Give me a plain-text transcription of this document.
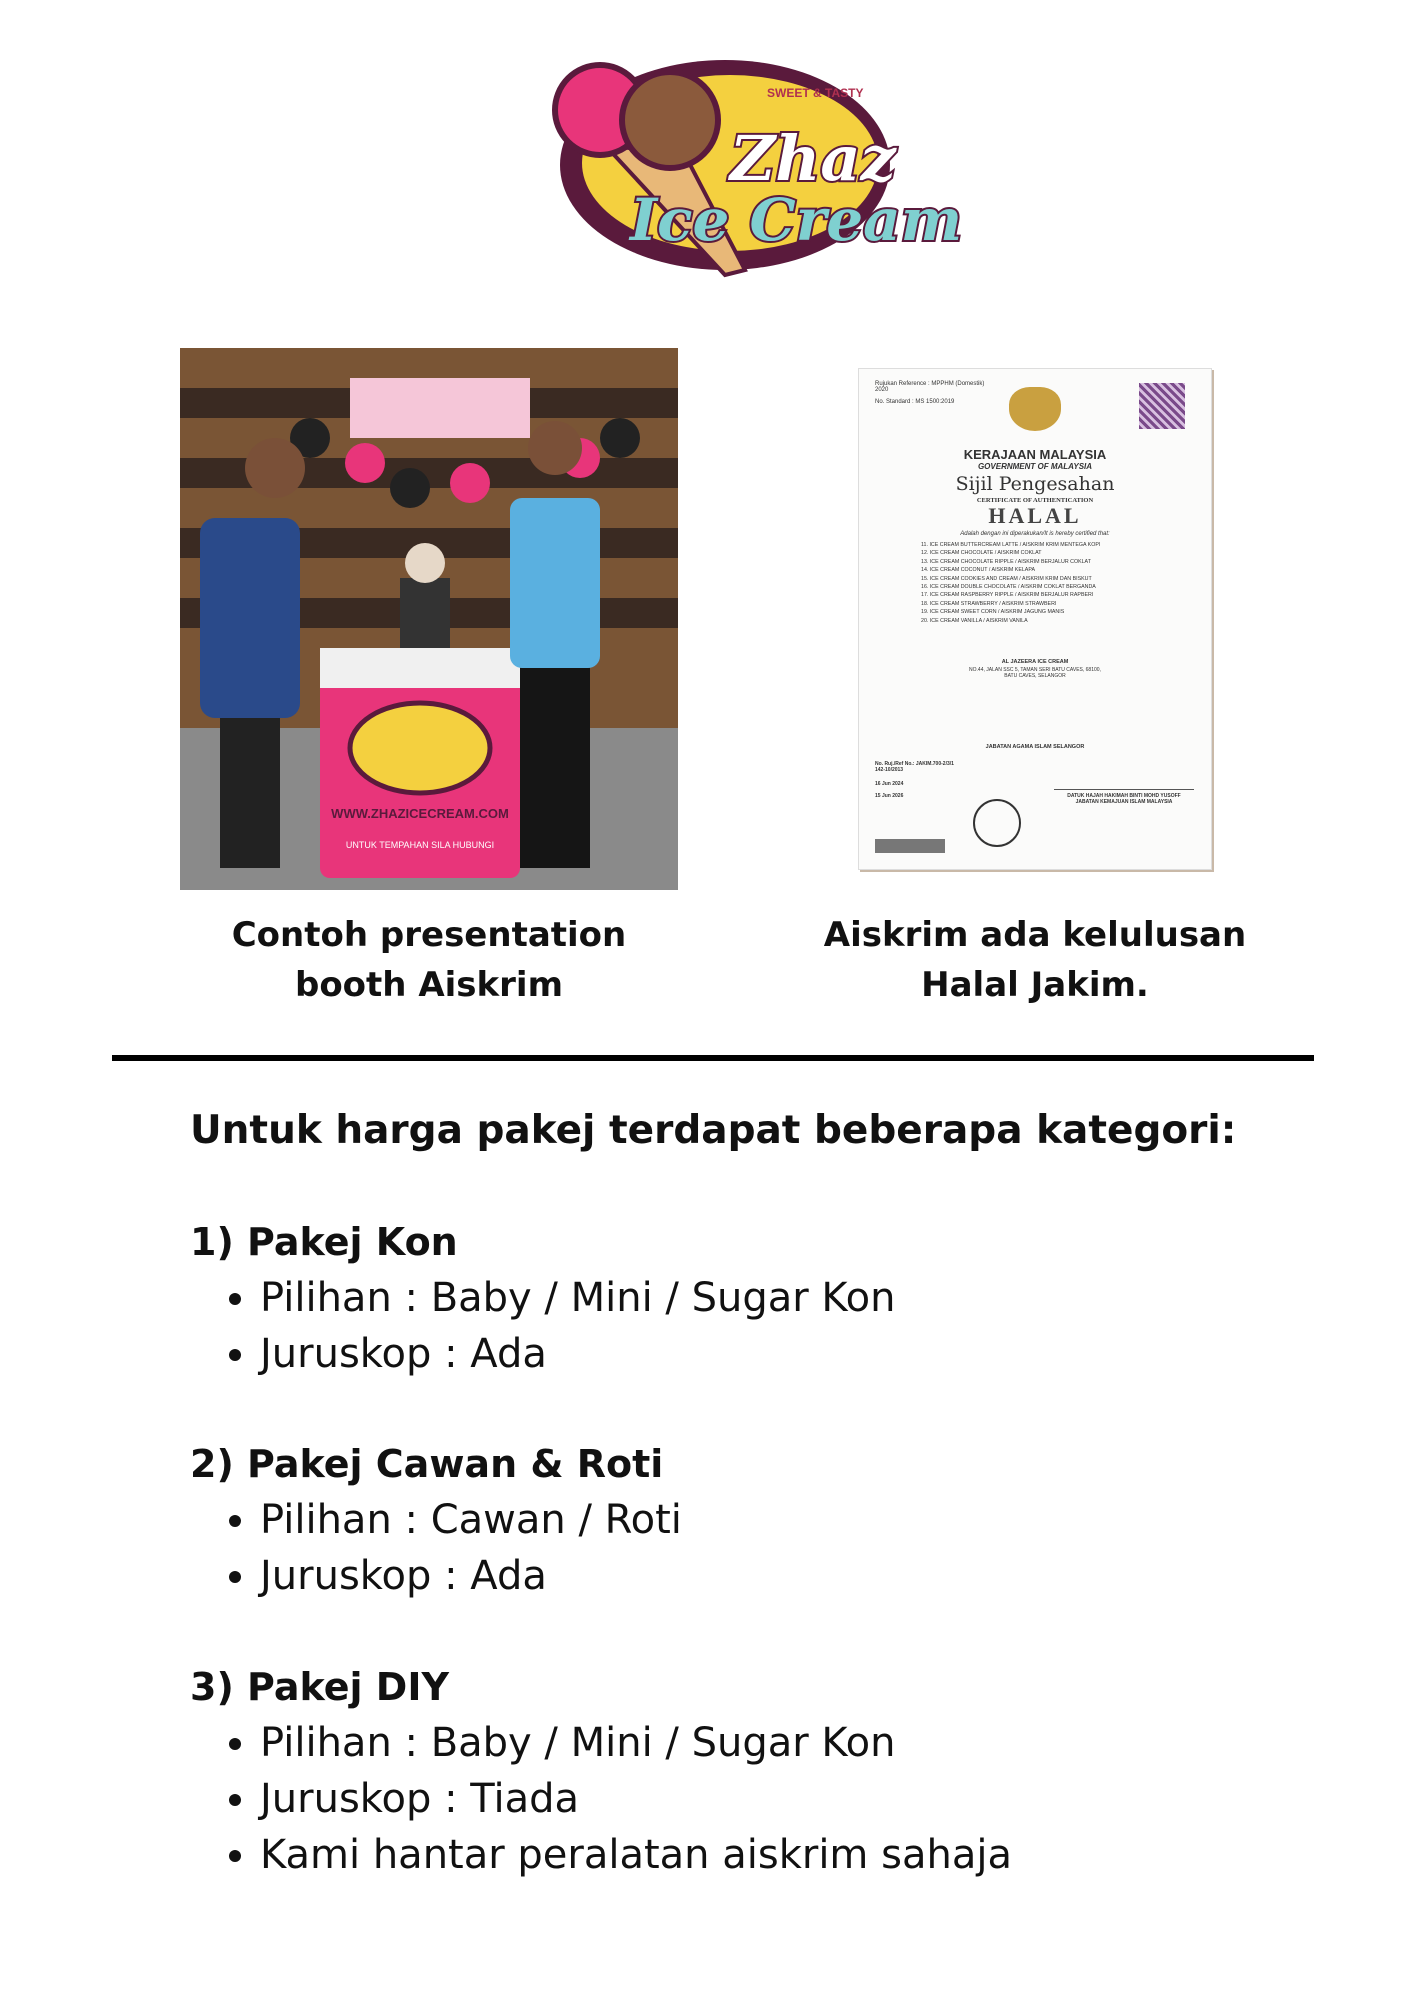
SWEET & TASTY
Zhaz
Ice Cream
WWW.ZHAZICECREAM.COM
UNTUK TEMPAHAN SILA HUBUNGI
Rujukan Reference : MPPHM (Domestik) 2020
No. Standard : MS 1500:2019
KERAJAAN MALAYSIA
GOVERNMENT OF MALAYSIA
Sijil Pengesahan
CERTIFICATE OF AUTHENTICATION
HALAL
Adalah dengan ini diperakukan/It is hereby certified that:
11. ICE CREAM BUTTERCREAM LATTE / AISKRIM KRIM MENTEGA KOPI
12. ICE CREAM CHOCOLATE / AISKRIM COKLAT
13. ICE CREAM CHOCOLATE RIPPLE / AISKRIM BERJALUR COKLAT
14. ICE CREAM COCONUT / AISKRIM KELAPA
15. ICE CREAM COOKIES AND CREAM / AISKRIM KRIM DAN BISKUT
16. ICE CREAM DOUBLE CHOCOLATE / AISKRIM COKLAT BERGANDA
17. ICE CREAM RASPBERRY RIPPLE / AISKRIM BERJALUR RAPBERI
18. ICE CREAM STRAWBERRY / AISKRIM STRAWBERI
19. ICE CREAM SWEET CORN / AISKRIM JAGUNG MANIS
20. ICE CREAM VANILLA / AISKRIM VANILA
AL JAZEERA ICE CREAM
NO.44, JALAN SSC 5, TAMAN SERI BATU CAVES, 68100, BATU CAVES, SELANGOR
JABATAN AGAMA ISLAM SELANGOR
No. Ruj./Ref No.: JAKIM.700-2/3/1 142-10/2013
16 Jun 2024
15 Jun 2026	DATUK HAJAH HAKIMAH BINTI MOHD YUSOFF
JABATAN KEMAJUAN ISLAM MALAYSIA
Contoh presentation booth Aiskrim
Aiskrim ada kelulusan Halal Jakim.
Untuk harga pakej terdapat beberapa kategori:
1) Pakej Kon
• Pilihan : Baby / Mini / Sugar Kon
• Juruskop : Ada
2) Pakej Cawan & Roti
• Pilihan : Cawan / Roti
• Juruskop : Ada
3) Pakej DIY
• Pilihan : Baby / Mini / Sugar Kon
• Juruskop : Tiada
• Kami hantar peralatan aiskrim sahaja
